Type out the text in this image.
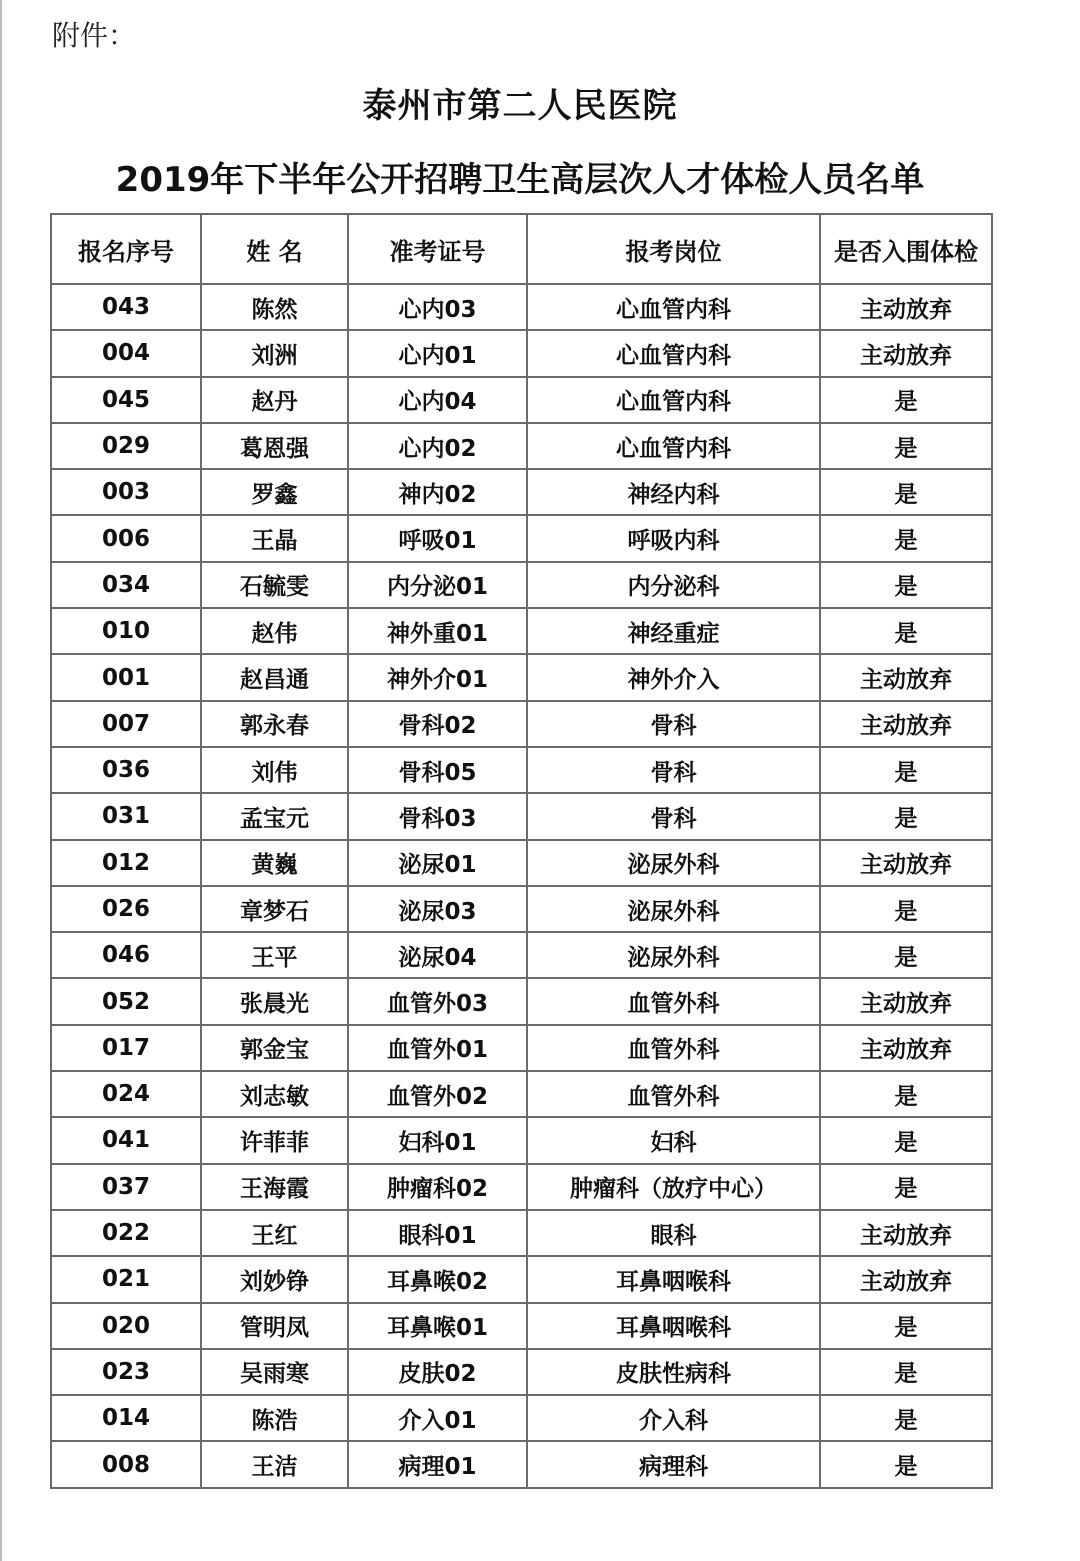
附件：
泰州市第二人民医院
2019年下半年公开招聘卫生高层次人才体检人员名单
报名序号	姓 名	准考证号	报考岗位	是否入围体检
043	陈然	心内03	心血管内科	主动放弃
004	刘洲	心内01	心血管内科	主动放弃
045	赵丹	心内04	心血管内科	是
029	葛恩强	心内02	心血管内科	是
003	罗鑫	神内02	神经内科	是
006	王晶	呼吸01	呼吸内科	是
034	石毓雯	内分泌01	内分泌科	是
010	赵伟	神外重01	神经重症	是
001	赵昌通	神外介01	神外介入	主动放弃
007	郭永春	骨科02	骨科	主动放弃
036	刘伟	骨科05	骨科	是
031	孟宝元	骨科03	骨科	是
012	黄巍	泌尿01	泌尿外科	主动放弃
026	章梦石	泌尿03	泌尿外科	是
046	王平	泌尿04	泌尿外科	是
052	张晨光	血管外03	血管外科	主动放弃
017	郭金宝	血管外01	血管外科	主动放弃
024	刘志敏	血管外02	血管外科	是
041	许菲菲	妇科01	妇科	是
037	王海霞	肿瘤科02	肿瘤科（放疗中心）	是
022	王红	眼科01	眼科	主动放弃
021	刘妙铮	耳鼻喉02	耳鼻咽喉科	主动放弃
020	管明凤	耳鼻喉01	耳鼻咽喉科	是
023	吴雨寒	皮肤02	皮肤性病科	是
014	陈浩	介入01	介入科	是
008	王洁	病理01	病理科	是
